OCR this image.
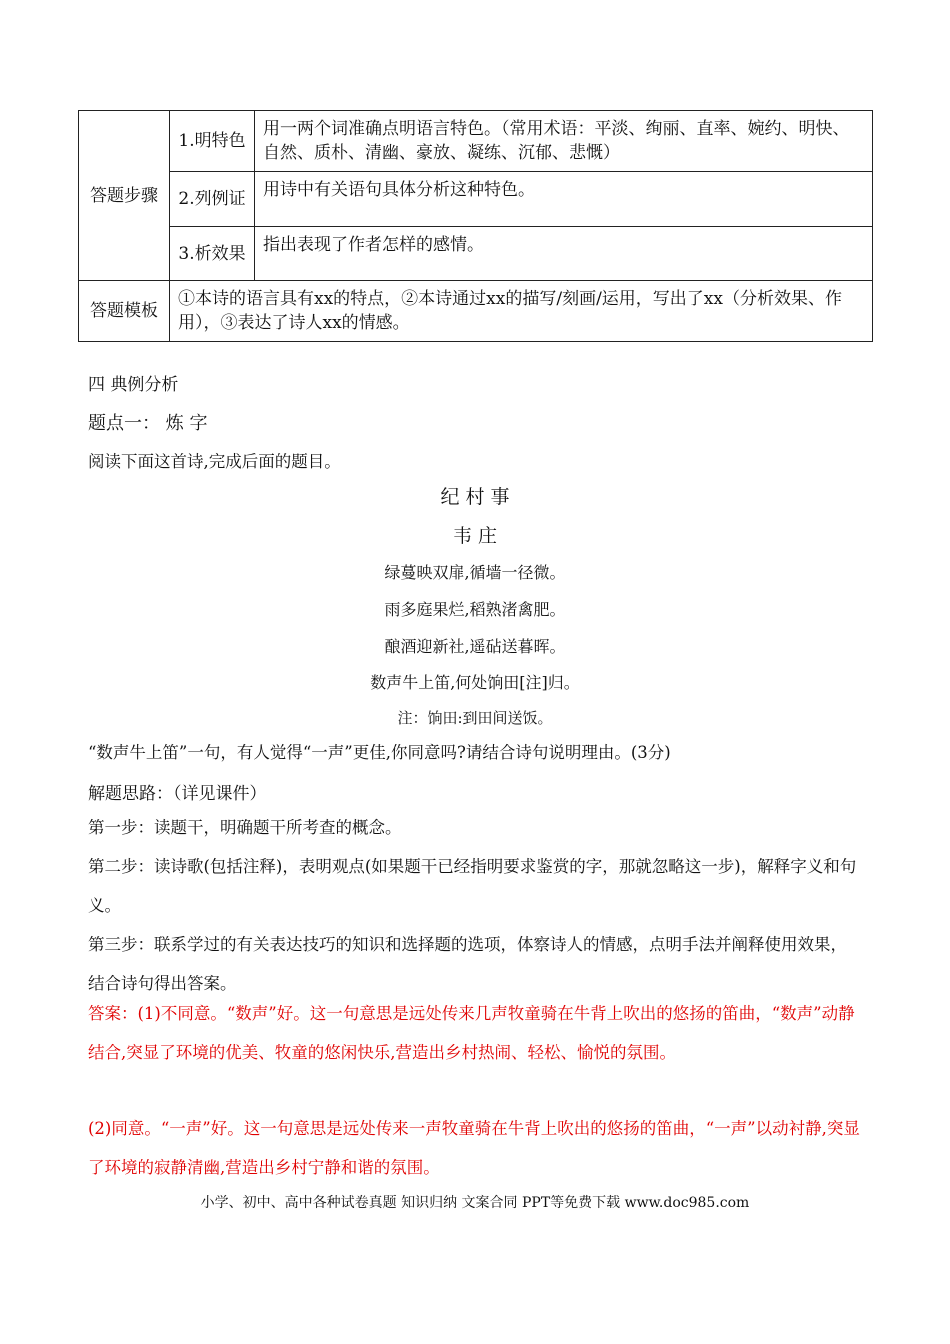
答题步骤	1.明特色	用一两个词准确点明语言特色。（常用术语：平淡、绚丽、直率、婉约、明快、自然、质朴、清幽、豪放、凝练、沉郁、悲慨）
	2.列例证	用诗中有关语句具体分析这种特色。
	3.析效果	指出表现了作者怎样的感情。
答题模板	①本诗的语言具有xx的特点，②本诗通过xx的描写/刻画/运用，写出了xx（分析效果、作用），③表达了诗人xx的情感。	
四 典例分析
题点一： 炼 字
阅读下面这首诗,完成后面的题目。
纪 村 事
韦 庄
绿蔓映双扉,循墙一径微。
雨多庭果烂,稻熟渚禽肥。
酿酒迎新社,遥砧送暮晖。
数声牛上笛,何处饷田[注]归。
注：饷田:到田间送饭。
“数声牛上笛”一句，有人觉得“一声”更佳,你同意吗?请结合诗句说明理由。(3分)
解题思路：（详见课件）
第一步：读题干，明确题干所考查的概念。
第二步：读诗歌(包括注释)，表明观点(如果题干已经指明要求鉴赏的字，那就忽略这一步)，解释字义和句义。
第三步：联系学过的有关表达技巧的知识和选择题的选项，体察诗人的情感，点明手法并阐释使用效果，结合诗句得出答案。
答案：(1)不同意。“数声”好。这一句意思是远处传来几声牧童骑在牛背上吹出的悠扬的笛曲，“数声”动静结合,突显了环境的优美、牧童的悠闲快乐,营造出乡村热闹、轻松、愉悦的氛围。
(2)同意。“一声”好。这一句意思是远处传来一声牧童骑在牛背上吹出的悠扬的笛曲，“一声”以动衬静,突显了环境的寂静清幽,营造出乡村宁静和谐的氛围。
小学、初中、高中各种试卷真题 知识归纳 文案合同 PPT等免费下载 www.doc985.com
